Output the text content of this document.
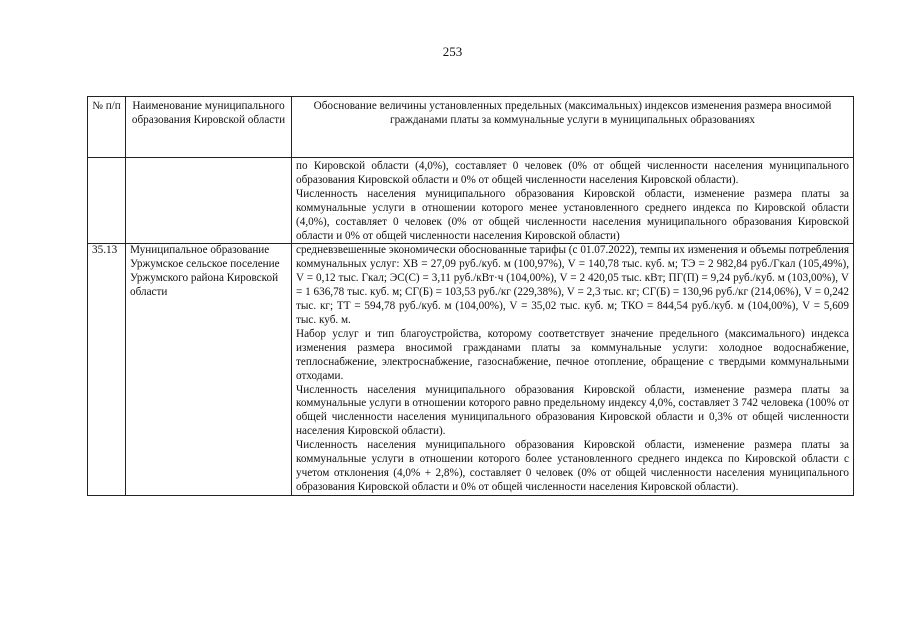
253
№ п/п	Наименование муниципального образования Кировской области	Обоснование величины установленных предельных (максимальных) индексов изменения размера вносимой гражданами платы за коммунальные услуги в муниципальных образованиях

		по Кировской области (4,0%), составляет 0 человек (0% от общей численности населения муниципального образования Кировской области и 0% от общей численности населения Кировской области).

Численность населения муниципального образования Кировской области, изменение размера платы за коммунальные услуги в отношении которого менее установленного среднего индекса по Кировской области (4,0%), составляет 0 человек (0% от общей численности населения муниципального образования Кировской области и 0% от общей численности населения Кировской области)

35.13	Муниципальное образование Уржумское сельское поселение Уржумского района Кировской области	средневзвешенные экономически обоснованные тарифы (с 01.07.2022), темпы их изменения и объемы потребления коммунальных услуг: ХВ = 27,09 руб./куб. м (100,97%), V = 140,78 тыс. куб. м; ТЭ = 2 982,84 руб./Гкал (105,49%), V = 0,12 тыс. Гкал; ЭС(С) = 3,11 руб./кВт·ч (104,00%), V = 2 420,05 тыс. кВт; ПГ(П) = 9,24 руб./куб. м (103,00%), V = 1 636,78 тыс. куб. м; СГ(Б) = 103,53 руб./кг (229,38%), V = 2,3 тыс. кг; СГ(Б) = 130,96 руб./кг (214,06%), V = 0,242 тыс. кг; ТТ = 594,78 руб./куб. м (104,00%), V = 35,02 тыс. куб. м; ТКО = 844,54 руб./куб. м (104,00%), V = 5,609 тыс. куб. м.

Набор услуг и тип благоустройства, которому соответствует значение предельного (максимального) индекса изменения размера вносимой гражданами платы за коммунальные услуги: холодное водоснабжение, теплоснабжение, электроснабжение, газоснабжение, печное отопление, обращение с твердыми коммунальными отходами.

Численность населения муниципального образования Кировской области, изменение размера платы за коммунальные услуги в отношении которого равно предельному индексу 4,0%, составляет 3 742 человека (100% от общей численности населения муниципального образования Кировской области и 0,3% от общей численности населения Кировской области).

Численность населения муниципального образования Кировской области, изменение размера платы за коммунальные услуги в отношении которого более установленного среднего индекса по Кировской области с учетом отклонения (4,0% + 2,8%), составляет 0 человек (0% от общей численности населения муниципального образования Кировской области и 0% от общей численности населения Кировской области).
